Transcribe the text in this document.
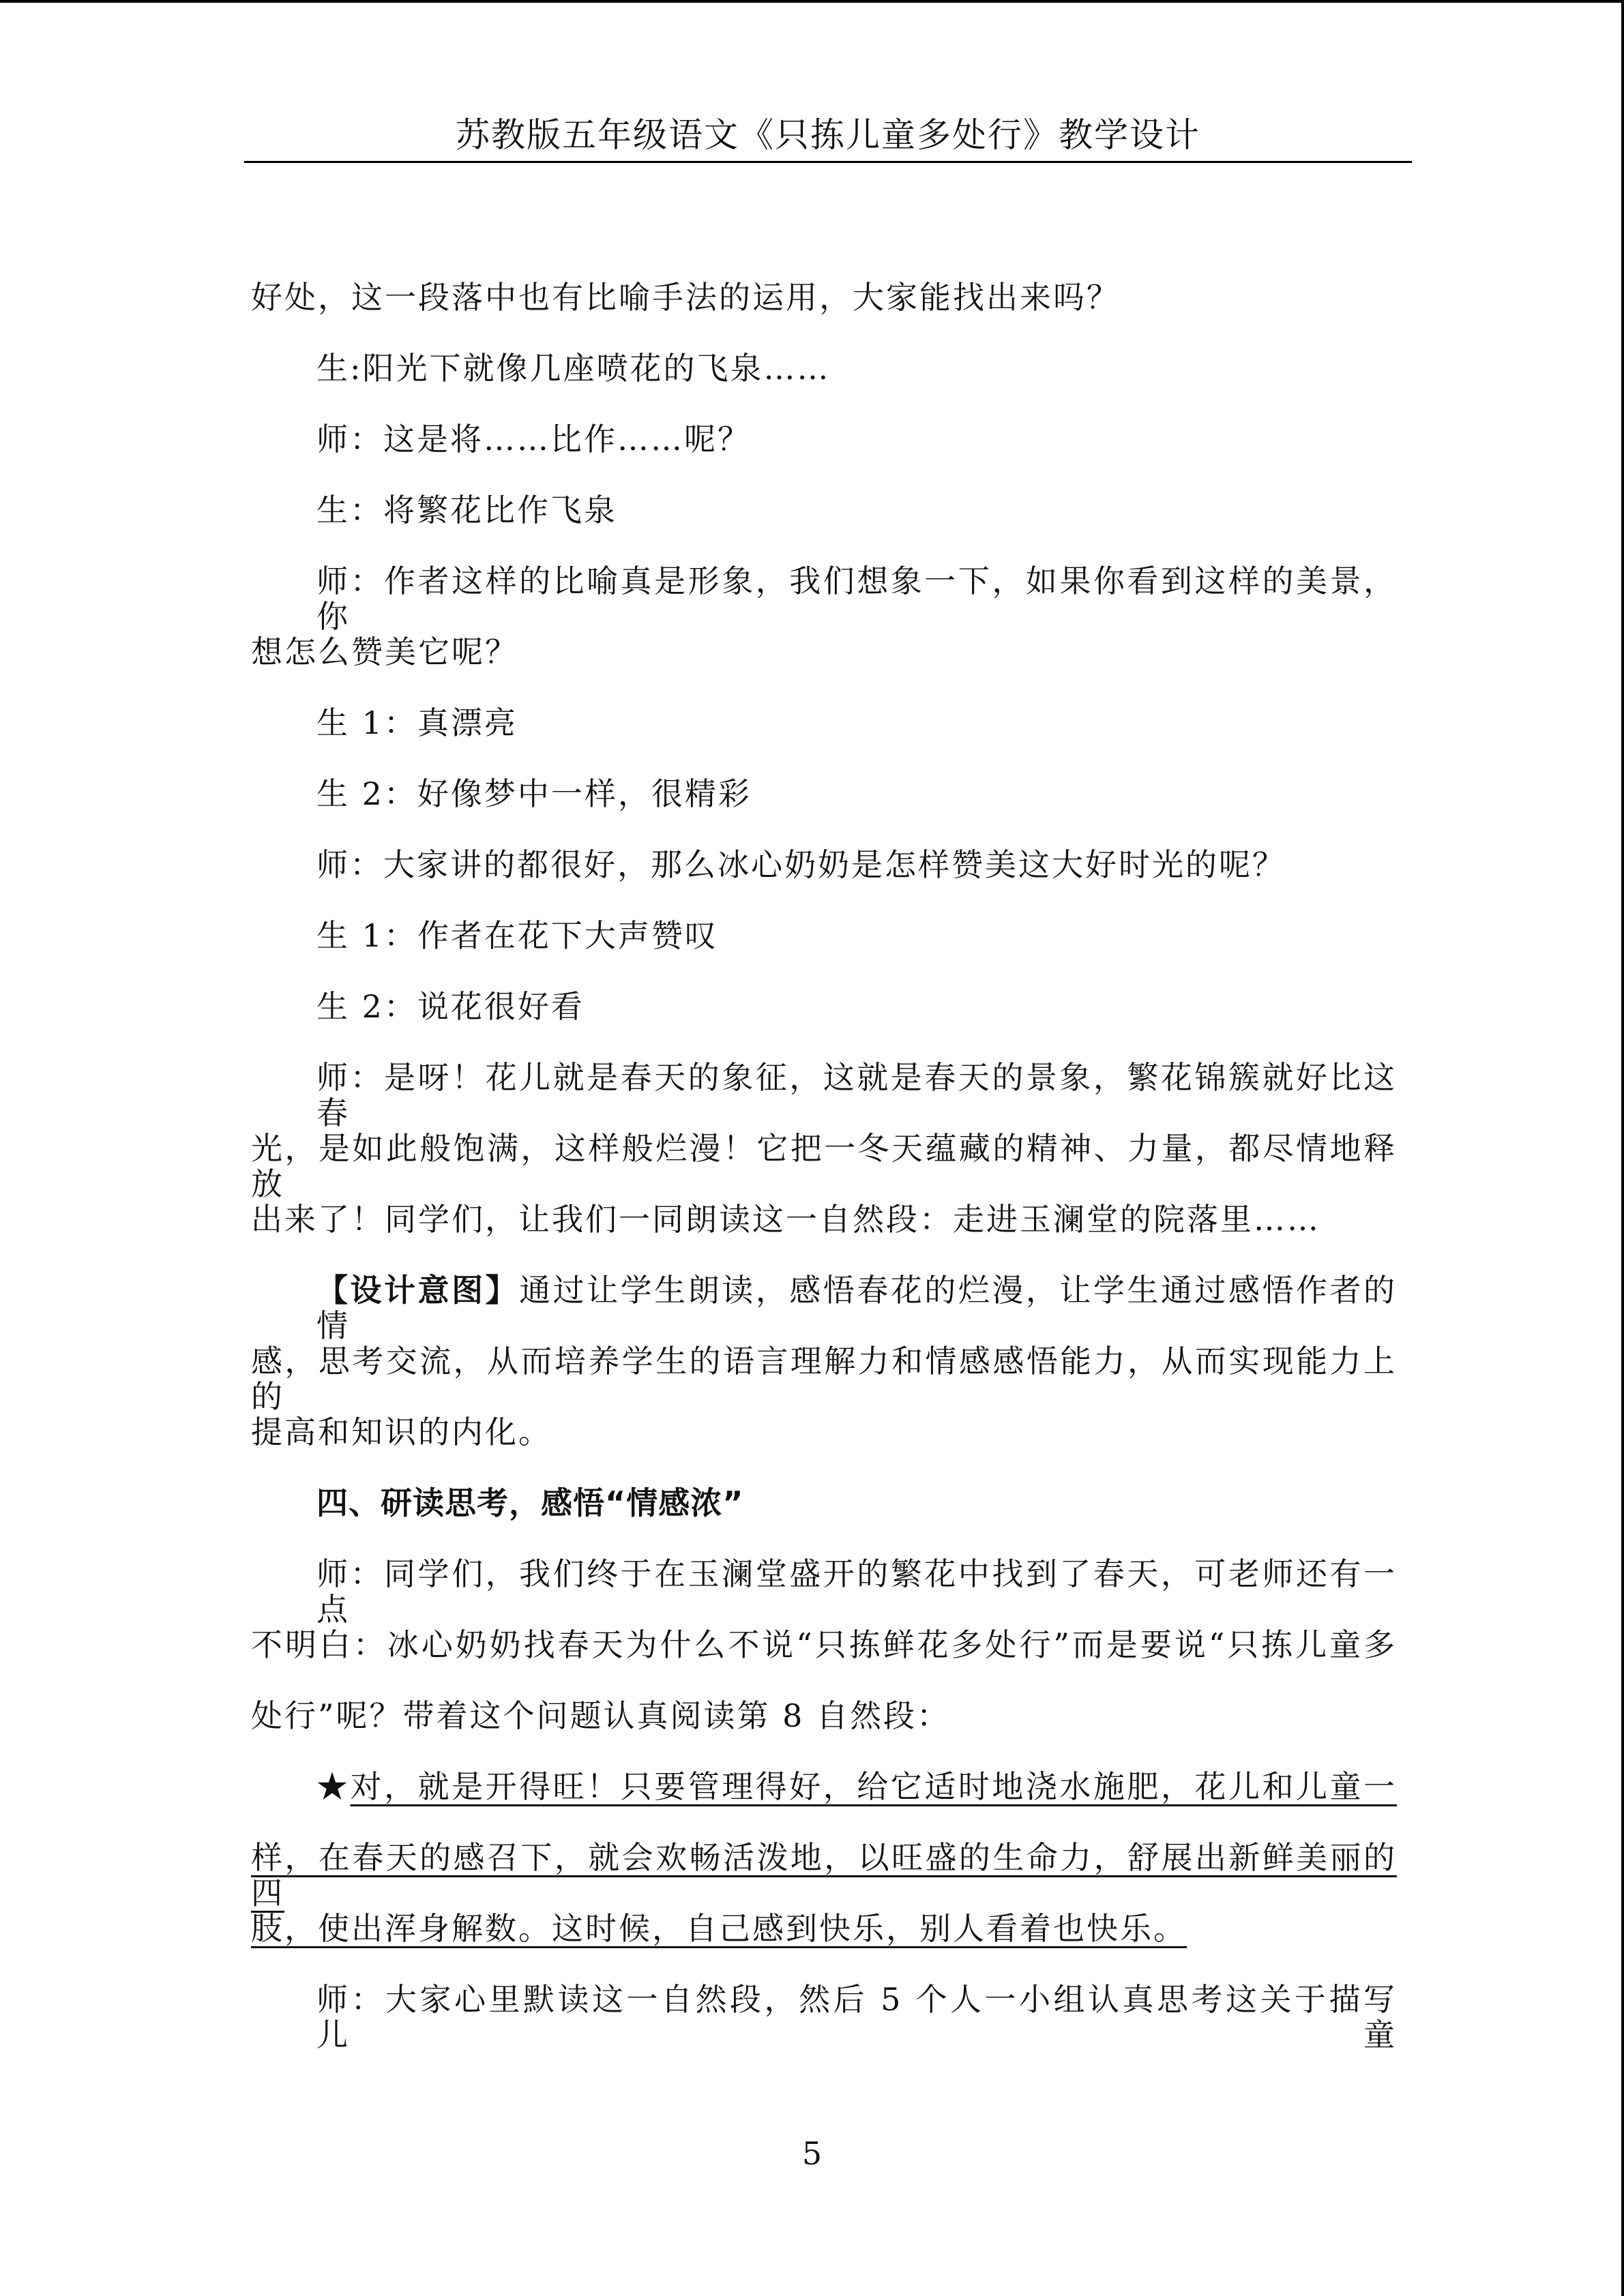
苏教版五年级语文《只拣儿童多处行》教学设计
好处，这一段落中也有比喻手法的运用，大家能找出来吗？
生:阳光下就像几座喷花的飞泉……
师：这是将……比作……呢？
生：将繁花比作飞泉
师：作者这样的比喻真是形象，我们想象一下，如果你看到这样的美景，你
想怎么赞美它呢？
生 1：真漂亮
生 2：好像梦中一样，很精彩
师：大家讲的都很好，那么冰心奶奶是怎样赞美这大好时光的呢？
生 1：作者在花下大声赞叹
生 2：说花很好看
师：是呀！花儿就是春天的象征，这就是春天的景象，繁花锦簇就好比这春
光，是如此般饱满，这样般烂漫！它把一冬天蕴藏的精神、力量，都尽情地释放
出来了！同学们，让我们一同朗读这一自然段：走进玉澜堂的院落里……
【设计意图】通过让学生朗读，感悟春花的烂漫，让学生通过感悟作者的情
感，思考交流，从而培养学生的语言理解力和情感感悟能力，从而实现能力上的
提高和知识的内化。
四、研读思考，感悟“情感浓”
师：同学们，我们终于在玉澜堂盛开的繁花中找到了春天，可老师还有一点
不明白：冰心奶奶找春天为什么不说“只拣鲜花多处行”而是要说“只拣儿童多
处行”呢？带着这个问题认真阅读第 8 自然段：
★对，就是开得旺！只要管理得好，给它适时地浇水施肥，花儿和儿童一
样，在春天的感召下，就会欢畅活泼地，以旺盛的生命力，舒展出新鲜美丽的四
肢，使出浑身解数。这时候，自己感到快乐，别人看着也快乐。
师：大家心里默读这一自然段，然后 5 个人一小组认真思考这关于描写儿童
5
